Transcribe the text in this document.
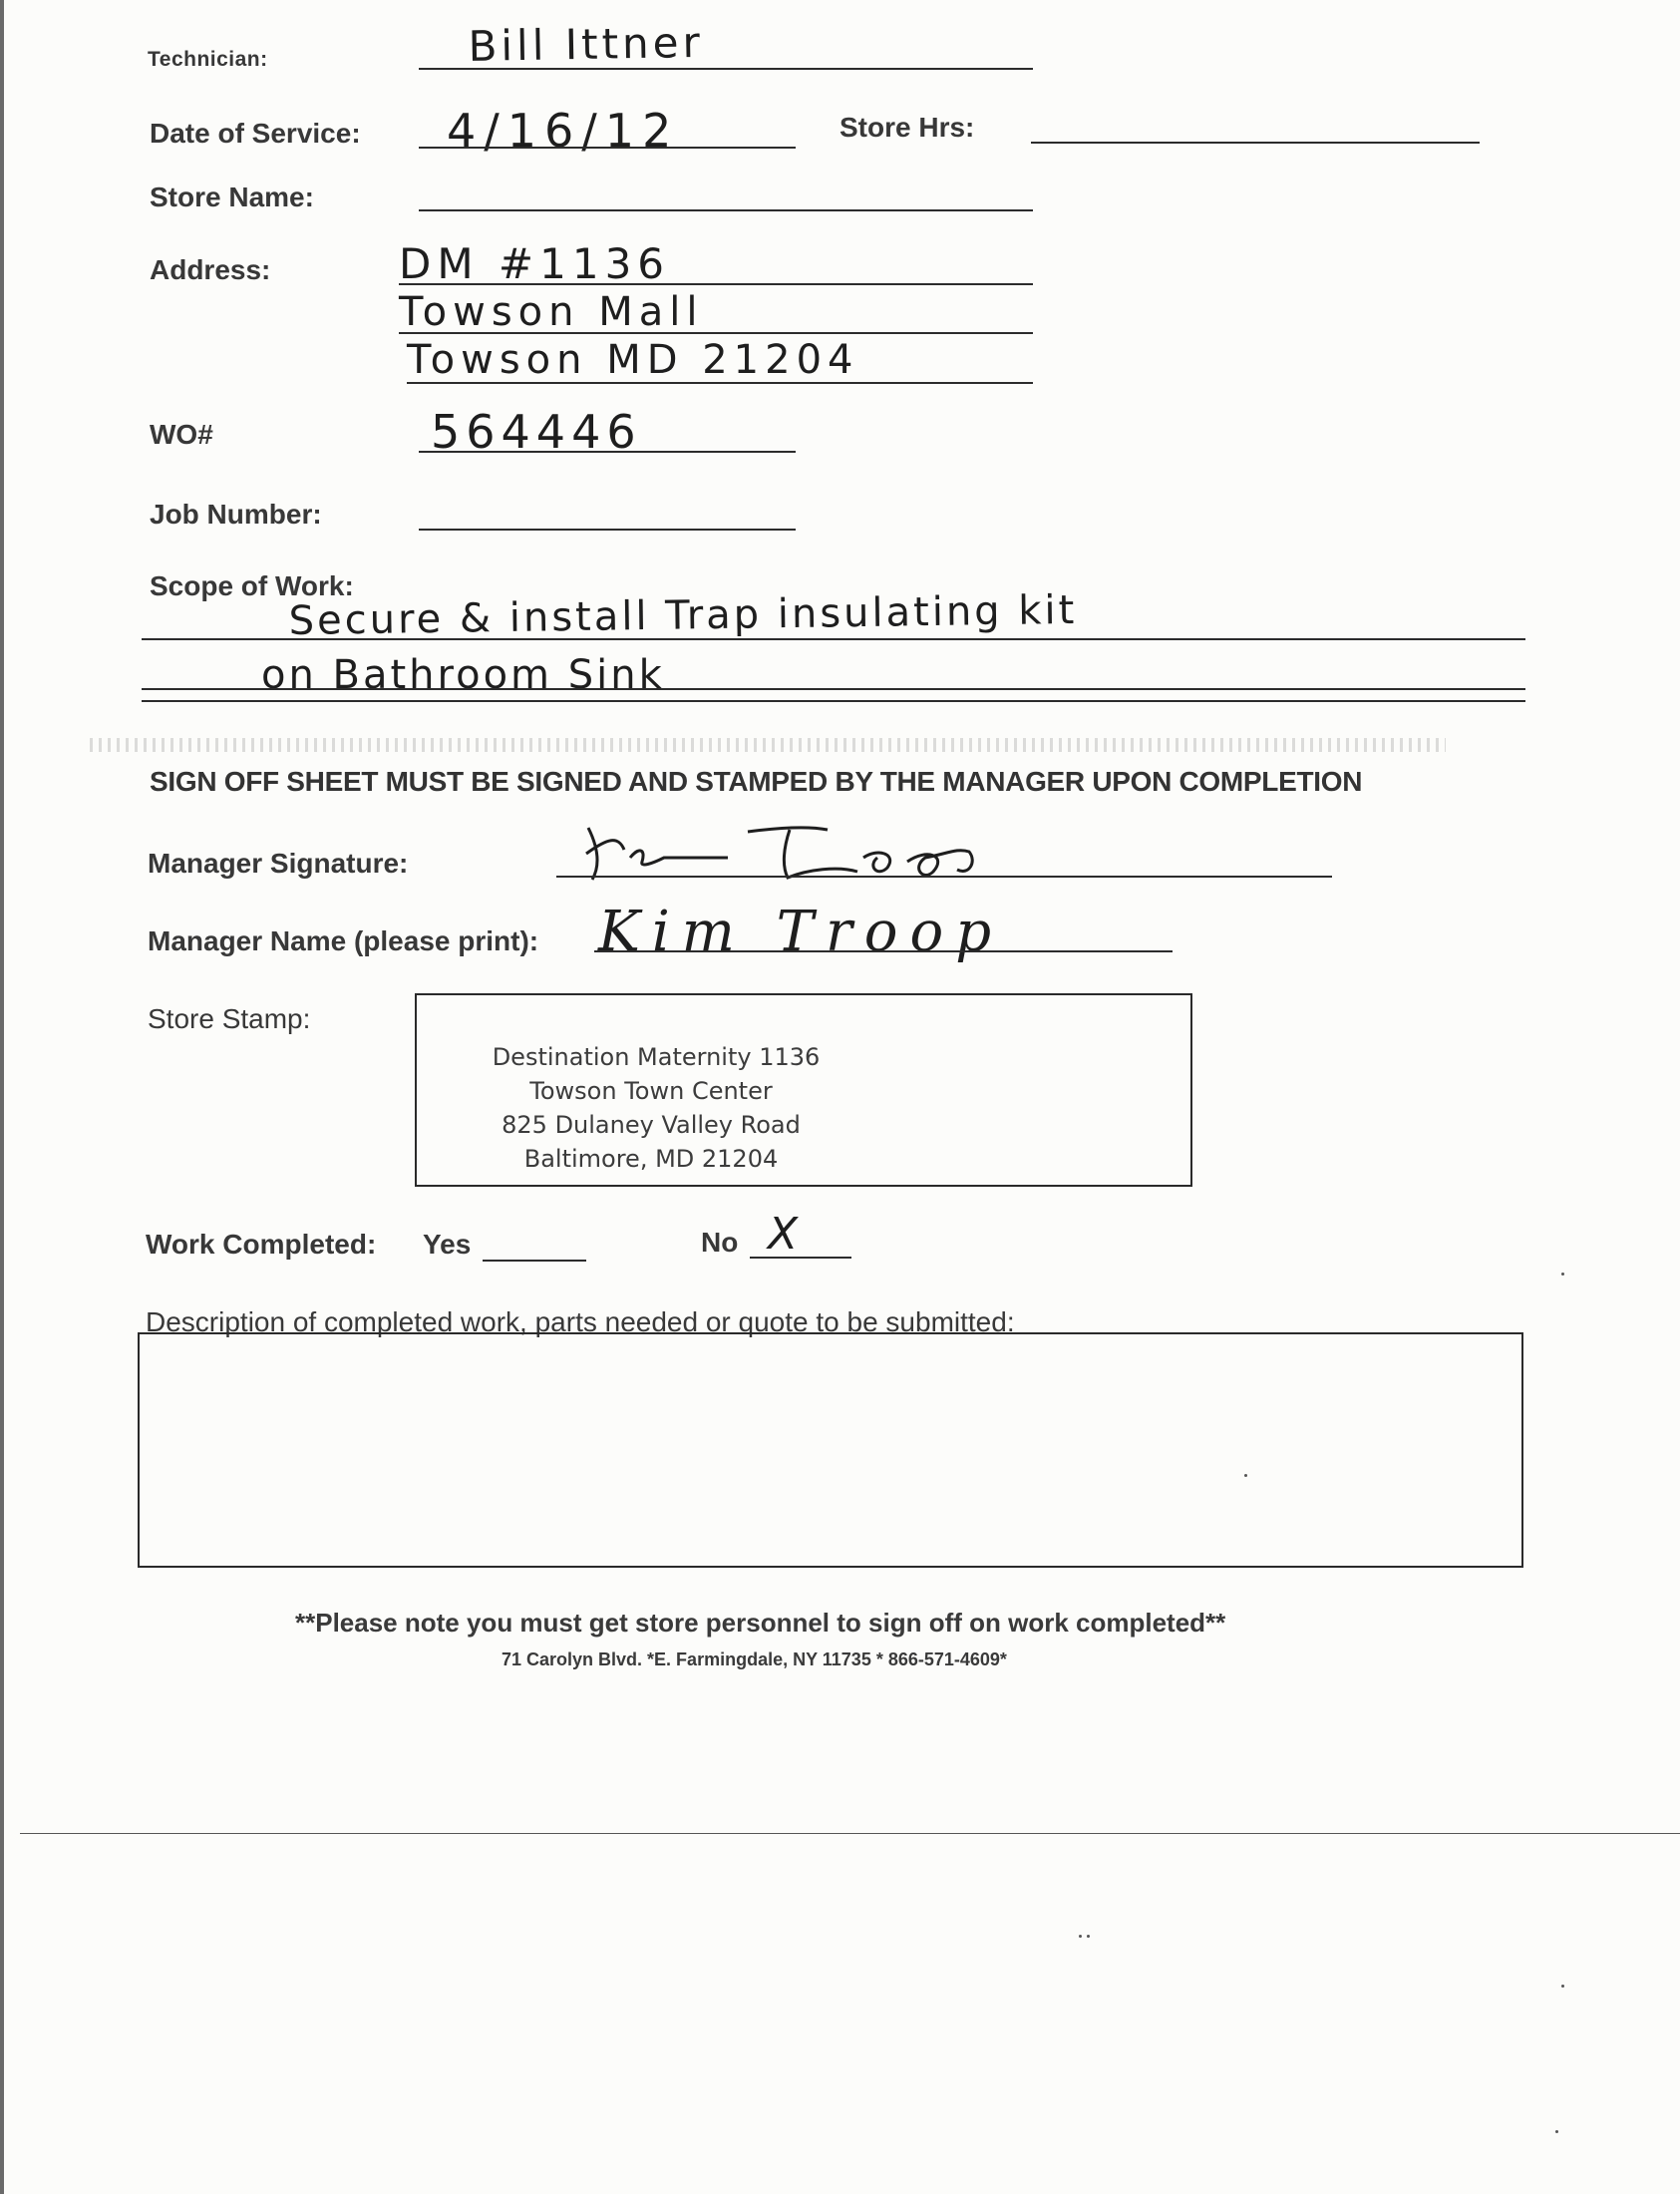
Technician:	Bill Ittner
Date of Service: 4/16/12	Store Hrs:
Store Name:
Address:	DM #1136
Towson Mall
Towson MD 21204
WO#	564446
Job Number:
Scope of Work:
Secure & install Trap insulating kit
on Bathroom Sink
SIGN OFF SHEET MUST BE SIGNED AND STAMPED BY THE MANAGER UPON COMPLETION
Manager Signature:
Manager Name (please print): Kim Troop
Store Stamp:
Destination Maternity 1136
Towson Town Center
825 Dulaney Valley Road
Baltimore, MD 21204
Work Completed: Yes	No X
Description of completed work, parts needed or quote to be submitted:
**Please note you must get store personnel to sign off on work completed**
71 Carolyn Blvd. *E. Farmingdale, NY 11735 * 866-571-4609*
